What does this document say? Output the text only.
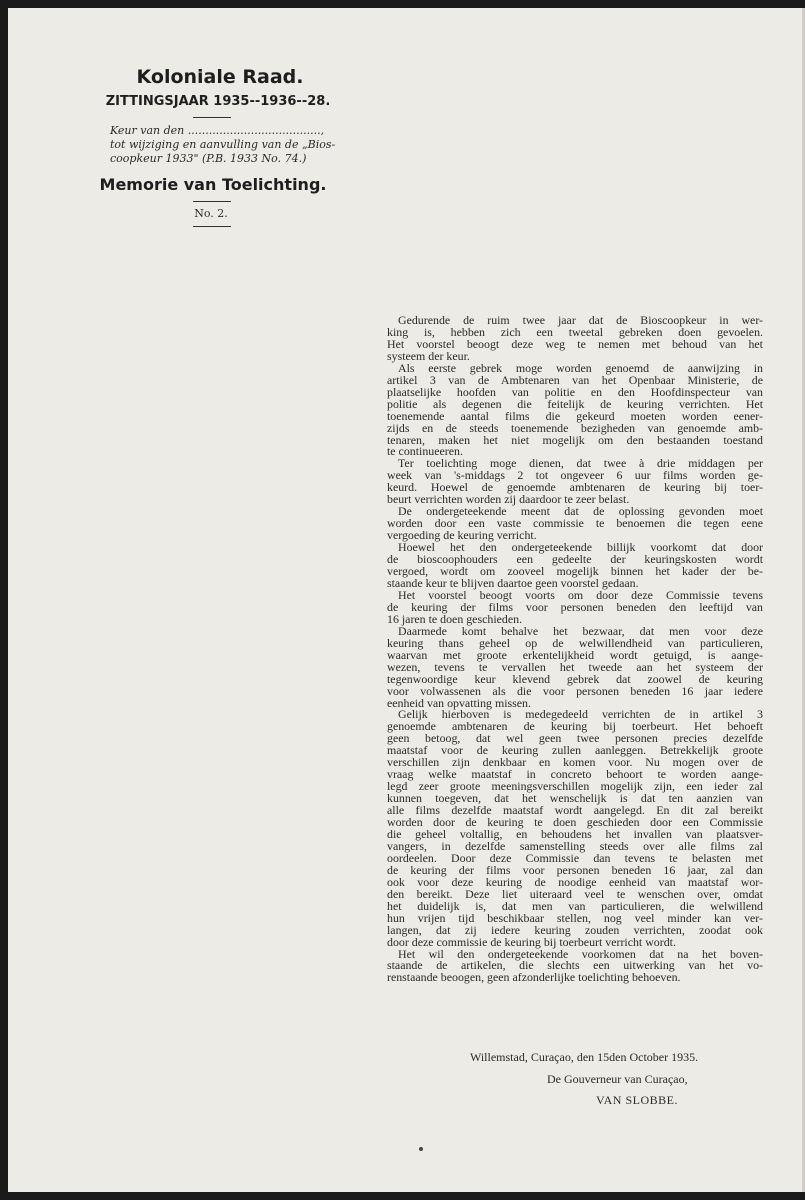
Koloniale Raad.
ZITTINGSJAAR 1935--1936--28.
Keur van den ......................................,
tot wijziging en aanvulling van de „Bios-
coopkeur 1933" (P.B. 1933 No. 74.)
Memorie van Toelichting.
No. 2.
Gedurende de ruim twee jaar dat de Bioscoopkeur in wer-
king is, hebben zich een tweetal gebreken doen gevoelen.
Het voorstel beoogt deze weg te nemen met behoud van het
systeem der keur.
Als eerste gebrek moge worden genoemd de aanwijzing in
artikel 3 van de Ambtenaren van het Openbaar Ministerie, de
plaatselijke hoofden van politie en den Hoofdinspecteur van
politie als degenen die feitelijk de keuring verrichten. Het
toenemende aantal films die gekeurd moeten worden eener-
zijds en de steeds toenemende bezigheden van genoemde amb-
tenaren, maken het niet mogelijk om den bestaanden toestand
te continueeren.
Ter toelichting moge dienen, dat twee à drie middagen per
week van 's-middags 2 tot ongeveer 6 uur films worden ge-
keurd. Hoewel de genoemde ambtenaren de keuring bij toer-
beurt verrichten worden zij daardoor te zeer belast.
De ondergeteekende meent dat de oplossing gevonden moet
worden door een vaste commissie te benoemen die tegen eene
vergoeding de keuring verricht.
Hoewel het den ondergeteekende billijk voorkomt dat door
de bioscoophouders een gedeelte der keuringskosten wordt
vergoed, wordt om zooveel mogelijk binnen het kader der be-
staande keur te blijven daartoe geen voorstel gedaan.
Het voorstel beoogt voorts om door deze Commissie tevens
de keuring der films voor personen beneden den leeftijd van
16 jaren te doen geschieden.
Daarmede komt behalve het bezwaar, dat men voor deze
keuring thans geheel op de welwillendheid van particulieren,
waarvan met groote erkentelijkheid wordt getuigd, is aange-
wezen, tevens te vervallen het tweede aan het systeem der
tegenwoordige keur klevend gebrek dat zoowel de keuring
voor volwassenen als die voor personen beneden 16 jaar iedere
eenheid van opvatting missen.
Gelijk hierboven is medegedeeld verrichten de in artikel 3
genoemde ambtenaren de keuring bij toerbeurt. Het behoeft
geen betoog, dat wel geen twee personen precies dezelfde
maatstaf voor de keuring zullen aanleggen. Betrekkelijk groote
verschillen zijn denkbaar en komen voor. Nu mogen over de
vraag welke maatstaf in concreto behoort te worden aange-
legd zeer groote meeningsverschillen mogelijk zijn, een ieder zal
kunnen toegeven, dat het wenschelijk is dat ten aanzien van
alle films dezelfde maatstaf wordt aangelegd. En dit zal bereikt
worden door de keuring te doen geschieden door een Commissie
die geheel voltallig, en behoudens het invallen van plaatsver-
vangers, in dezelfde samenstelling steeds over alle films zal
oordeelen. Door deze Commissie dan tevens te belasten met
de keuring der films voor personen beneden 16 jaar, zal dan
ook voor deze keuring de noodige eenheid van maatstaf wor-
den bereikt. Deze liet uiteraard veel te wenschen over, omdat
het duidelijk is, dat men van particulieren, die welwillend
hun vrijen tijd beschikbaar stellen, nog veel minder kan ver-
langen, dat zij iedere keuring zouden verrichten, zoodat ook
door deze commissie de keuring bij toerbeurt verricht wordt.
Het wil den ondergeteekende voorkomen dat na het boven-
staande de artikelen, die slechts een uitwerking van het vo-
renstaande beoogen, geen afzonderlijke toelichting behoeven.
Willemstad, Curaçao, den 15den October 1935.
De Gouverneur van Curaçao,
VAN SLOBBE.
